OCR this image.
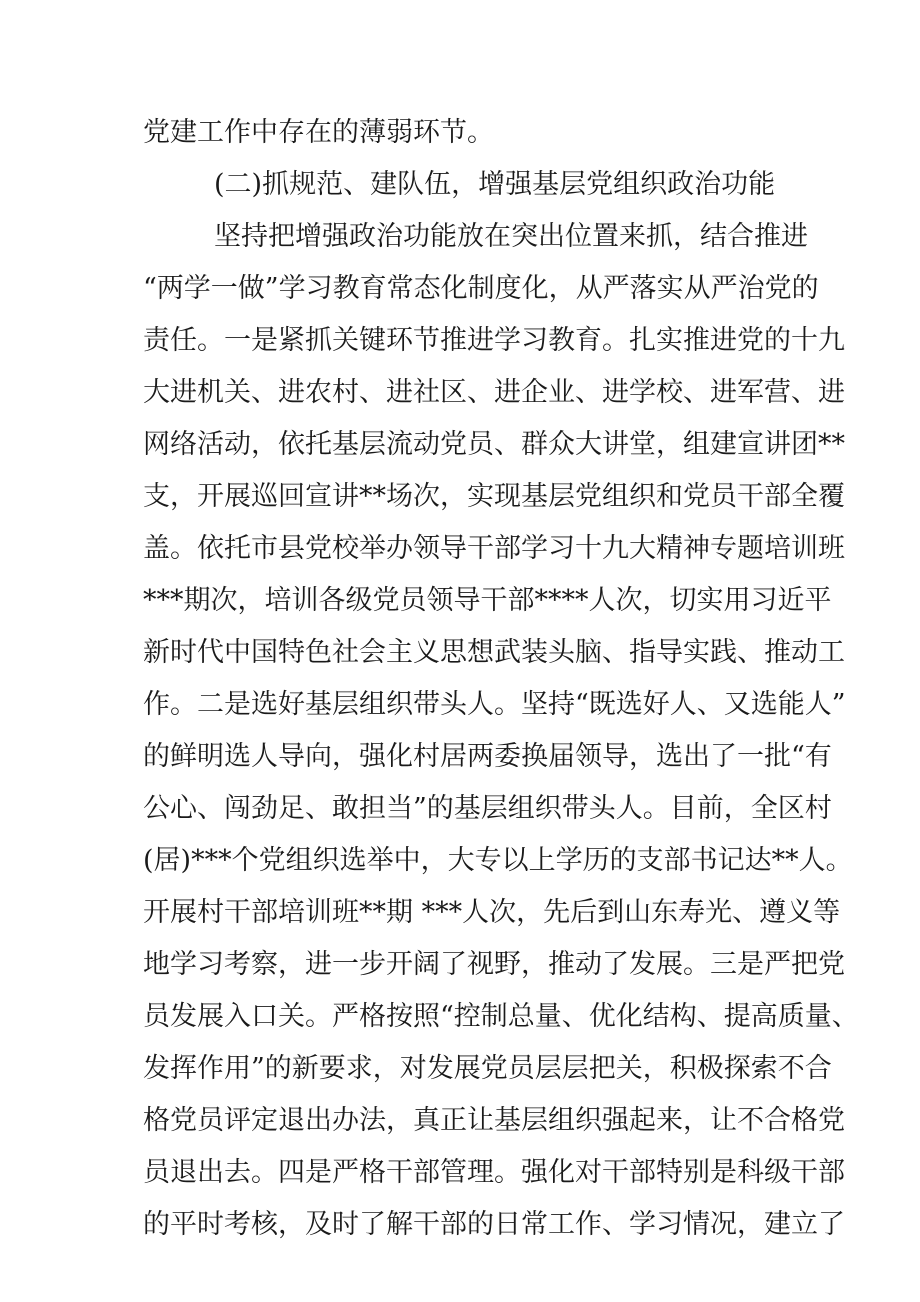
党建工作中存在的薄弱环节。
(二)抓规范、建队伍，增强基层党组织政治功能
坚持把增强政治功能放在突出位置来抓，结合推进
“两学一做”学习教育常态化制度化，从严落实从严治党的
责任。一是紧抓关键环节推进学习教育。扎实推进党的十九
大进机关、进农村、进社区、进企业、进学校、进军营、进
网络活动，依托基层流动党员、群众大讲堂，组建宣讲团**
支，开展巡回宣讲**场次，实现基层党组织和党员干部全覆
盖。依托市县党校举办领导干部学习十九大精神专题培训班
***期次，培训各级党员领导干部****人次，切实用习近平
新时代中国特色社会主义思想武装头脑、指导实践、推动工
作。二是选好基层组织带头人。坚持“既选好人、又选能人”
的鲜明选人导向，强化村居两委换届领导，选出了一批“有
公心、闯劲足、敢担当”的基层组织带头人。目前，全区村
(居)***个党组织选举中，大专以上学历的支部书记达**人。
开展村干部培训班**期 ***人次，先后到山东寿光、遵义等
地学习考察，进一步开阔了视野，推动了发展。三是严把党
员发展入口关。严格按照“控制总量、优化结构、提高质量、
发挥作用”的新要求，对发展党员层层把关，积极探索不合
格党员评定退出办法，真正让基层组织强起来，让不合格党
员退出去。四是严格干部管理。强化对干部特别是科级干部
的平时考核，及时了解干部的日常工作、学习情况，建立了
